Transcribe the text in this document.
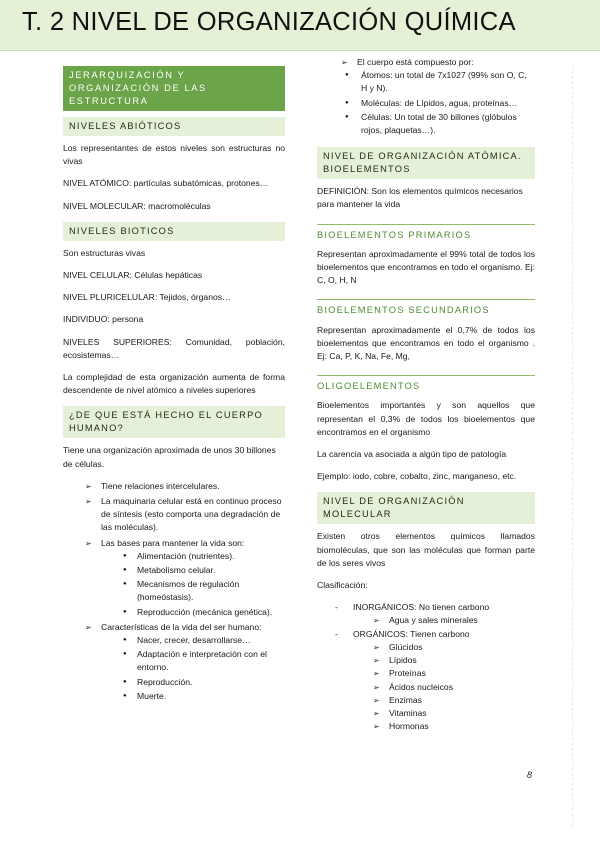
T. 2 NIVEL DE ORGANIZACIÓN QUÍMICA
JERARQUIZACIÓN Y ORGANIZACIÓN DE LAS ESTRUCTURA
NIVELES ABIÓTICOS

Los representantes de estos niveles son estructuras no vivas

NIVEL ATÓMICO: partículas subatómicas, protones…

NIVEL MOLECULAR: macromoléculas

NIVELES BIOTICOS

Son estructuras vivas

NIVEL CELULAR: Células hepáticas

NIVEL PLURICELULAR: Tejidos, órganos…

INDIVIDUO: persona

NIVELES SUPERIORES: Comunidad, población, ecosistemas…

La complejidad de esta organización aumenta de forma descendente de nivel atómico a niveles superiores

¿DE QUE ESTÁ HECHO EL CUERPO HUMANO?

Tiene una organización aproximada de unos 30 billones de células.

➢ Tiene relaciones intercelulares.
➢ La maquinaria celular está en continuo proceso de síntesis (esto comporta una degradación de las moléculas).
➢ Las bases para mantener la vida son:
● Alimentación (nutrientes).
● Metabolismo celular.
● Mecanismos de regulación (homeóstasis).
● Reproducción (mecánica genética).
➢ Características de la vida del ser humano:
● Nacer, crecer, desarrollarse…
● Adaptación e interpretación con el entorno.
● Reproducción.
● Muerte.
➢ El cuerpo está compuesto por:
● Átomos: un total de 7x1027 (99% son O, C, H y N).
● Moléculas: de Lípidos, agua, proteínas…
● Células: Un total de 30 billones (glóbulos rojos, plaquetas…).
NIVEL DE ORGANIZACIÓN ATÓMICA. BIOELEMENTOS

DEFINICIÓN: Son los elementos químicos necesarios para mantener la vida

BIOELEMENTOS PRIMARIOS

Representan aproximadamente el 99% total de todos los bioelementos que encontramos en todo el organismo. Ej: C, O, H, N

BIOELEMENTOS SECUNDARIOS

Representan aproximadamente el 0,7% de todos los bioelementos que encontramos en todo el organismo . Ej: Ca, P, K, Na, Fe, Mg,

OLIGOELEMENTOS

Bioelementos importantes y son aquellos que representan el 0,3% de todos los bioelementos que encontramos en el organismo

La carencia va asociada a algún tipo de patología

Ejemplo: iodo, cobre, cobalto, zinc, manganeso, etc.

NIVEL DE ORGANIZACIÓN MOLECULAR

Existen otros elementos químicos llamados biomoléculas, que son las moléculas que forman parte de los seres vivos

Clasificación:

- INORGÁNICOS: No tienen carbono
➢ Agua y sales minerales
- ORGÁNICOS: Tienen carbono
➢ Glúcidos
➢ Lípidos
➢ Proteínas
➢ Ácidos nucleicos
➢ Enzimas
➢ Vitaminas
➢ Hormonas
8
